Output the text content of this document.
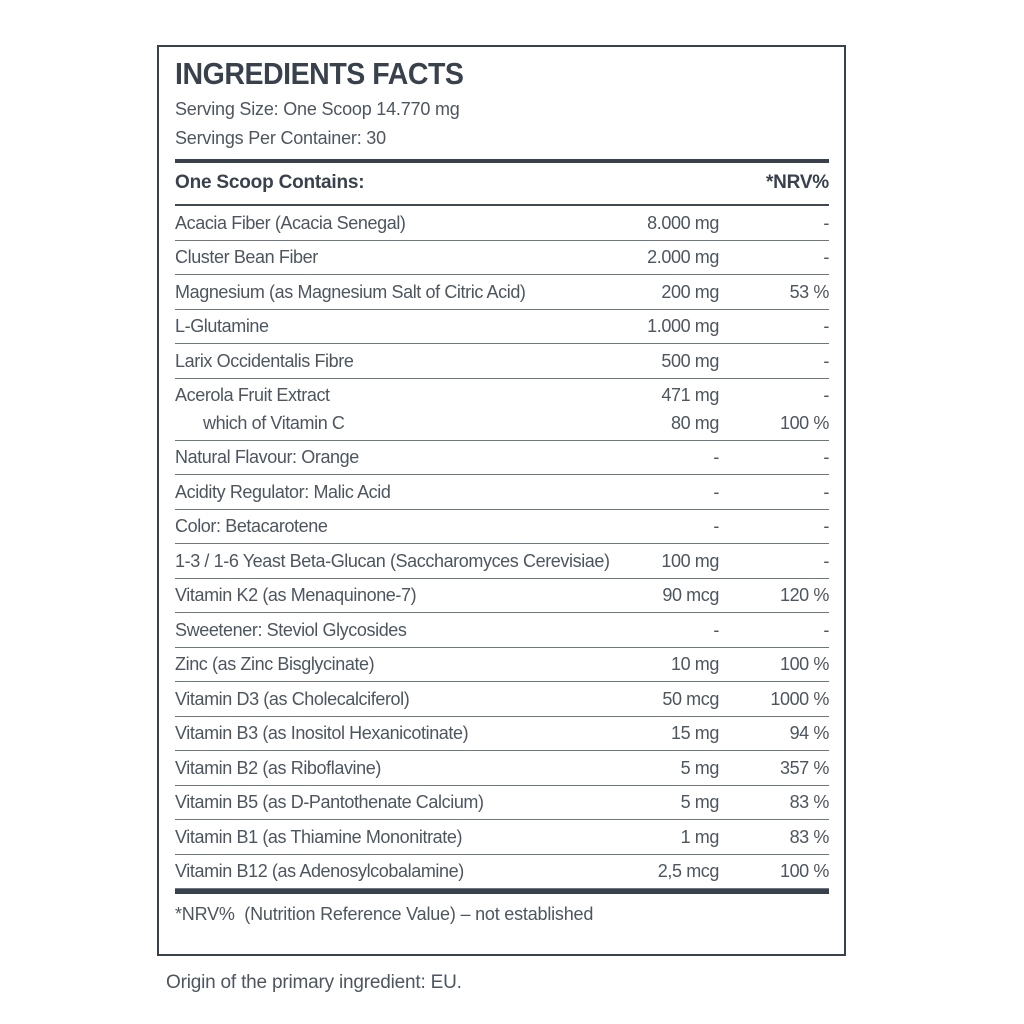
INGREDIENTS FACTS
Serving Size: One Scoop 14.770 mg
Servings Per Container: 30
One Scoop Contains:	*NRV%
Acacia Fiber (Acacia Senegal)	8.000 mg	-
Cluster Bean Fiber	2.000 mg	-
Magnesium (as Magnesium Salt of Citric Acid)	200 mg	53 %
L-Glutamine	1.000 mg	-
Larix Occidentalis Fibre	500 mg	-
Acerola Fruit Extract	471 mg	-
which of Vitamin C	80 mg	100 %
Natural Flavour: Orange	-	-
Acidity Regulator: Malic Acid	-	-
Color: Betacarotene	-	-
1-3 / 1-6 Yeast Beta-Glucan (Saccharomyces Cerevisiae)	100 mg	-
Vitamin K2 (as Menaquinone-7)	90 mcg	120 %
Sweetener: Steviol Glycosides	-	-
Zinc (as Zinc Bisglycinate)	10 mg	100 %
Vitamin D3 (as Cholecalciferol)	50 mcg	1000 %
Vitamin B3 (as Inositol Hexanicotinate)	15 mg	94 %
Vitamin B2 (as Riboflavine)	5 mg	357 %
Vitamin B5 (as D-Pantothenate Calcium)	5 mg	83 %
Vitamin B1 (as Thiamine Mononitrate)	1 mg	83 %
Vitamin B12 (as Adenosylcobalamine)	2,5 mcg	100 %
*NRV%  (Nutrition Reference Value) – not established
Origin of the primary ingredient: EU.
